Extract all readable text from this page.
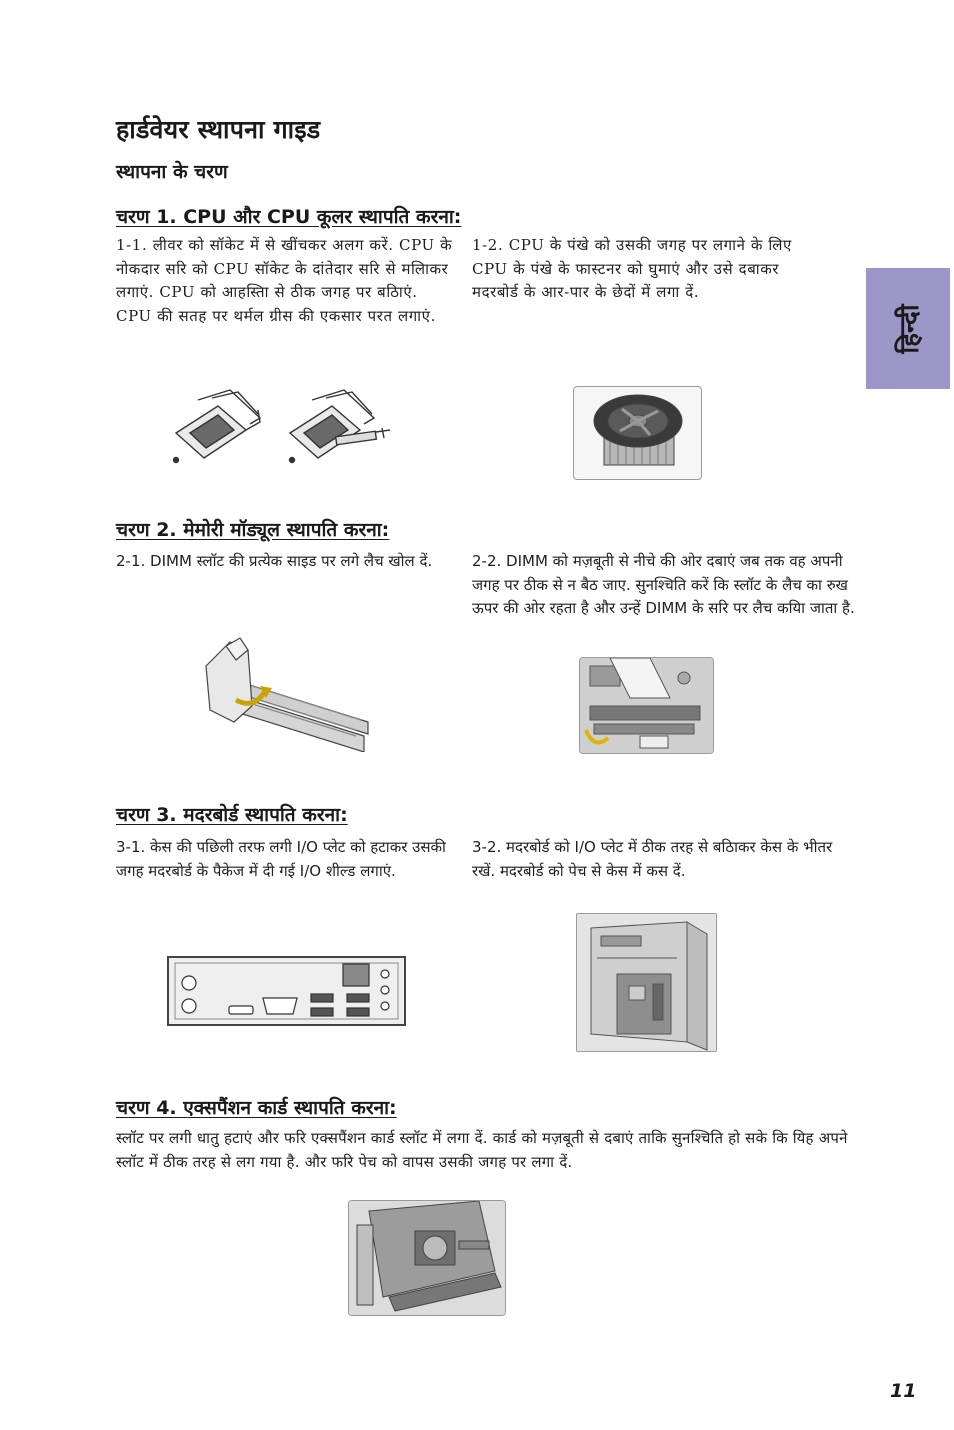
हार्डवेयर स्थापना गाइड
स्थापना के चरण
हिन्दी
चरण 1. CPU और CPU कूलर स्थापति करना:
1-1. लीवर को सॉकेट में से खींचकर अलग करें. CPU के नोकदार सरि को CPU सॉकेट के दांतेदार सरि से मलिाकर लगाएं. CPU को आहस्तिा से ठीक जगह पर बठिाएं. CPU की सतह पर थर्मल ग्रीस की एकसार परत लगाएं.
1-2. CPU के पंखे को उसकी जगह पर लगाने के लिए CPU के पंखे के फास्टनर को घुमाएं और उसे दबाकर मदरबोर्ड के आर-पार के छेदों में लगा दें.
चरण 2. मेमोरी मॉड्यूल स्थापति करना:
2-1. DIMM स्लॉट की प्रत्येक साइड पर लगे लैच खोल दें.	2-2. DIMM को मज़बूती से नीचे की ओर दबाएं जब तक वह अपनी जगह पर ठीक से न बैठ जाए. सुनश्चिति करें कि स्लॉट के लैच का रुख ऊपर की ओर रहता है और उन्हें DIMM के सरि पर लैच कयिा जाता है.
चरण 3. मदरबोर्ड स्थापति करना:
3-1. केस की पछिली तरफ लगी I/O प्लेट को हटाकर उसकी जगह मदरबोर्ड के पैकेज में दी गई I/O शील्ड लगाएं.
3-2. मदरबोर्ड को I/O प्लेट में ठीक तरह से बठिाकर केस के भीतर रखें. मदरबोर्ड को पेच से केस में कस दें.
चरण 4. एक्सपैंशन कार्ड स्थापति करना:
स्लॉट पर लगी धातु हटाएं और फरि एक्सपैंशन कार्ड स्लॉट में लगा दें. कार्ड को मज़बूती से दबाएं ताकि सुनश्चिति हो सके कि यिह अपने स्लॉट में ठीक तरह से लग गया है. और फरि पेच को वापस उसकी जगह पर लगा दें.
11
